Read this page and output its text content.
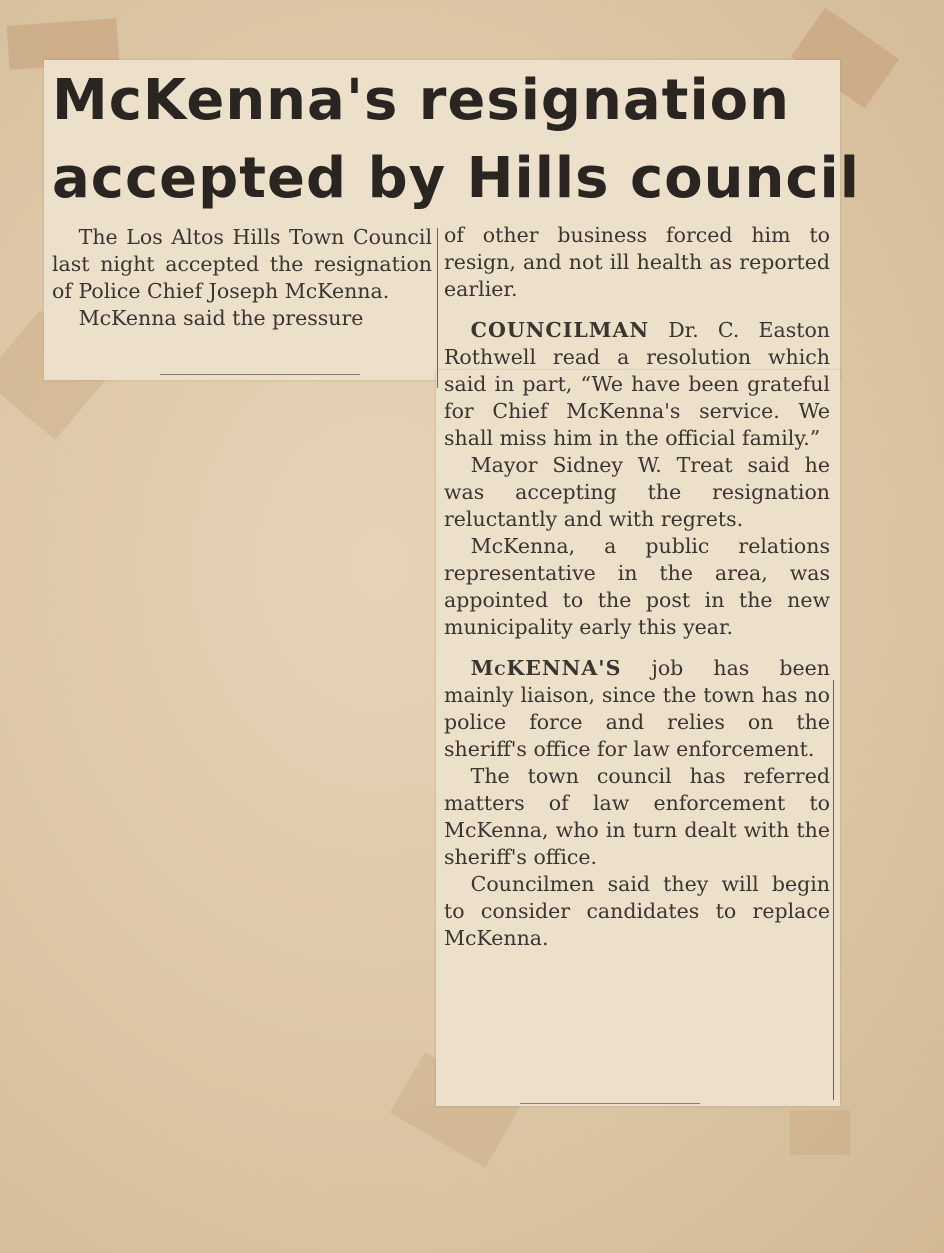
McKenna's resignation
accepted by Hills council

The Los Altos Hills Town Council last night accepted the resignation of Police Chief Joseph McKenna.

McKenna said the pressure

of other business forced him to resign, and not ill health as reported earlier.

COUNCILMAN Dr. C. Easton Rothwell read a resolution which said in part, “We have been grateful for Chief McKenna's service. We shall miss him in the official family.”

Mayor Sidney W. Treat said he was accepting the resignation reluctantly and with regrets.

McKenna, a public relations representative in the area, was appointed to the post in the new municipality early this year.

McKENNA'S job has been mainly liaison, since the town has no police force and relies on the sheriff's office for law enforcement.

The town council has referred matters of law enforcement to McKenna, who in turn dealt with the sheriff's office.

Councilmen said they will begin to consider candidates to replace McKenna.
